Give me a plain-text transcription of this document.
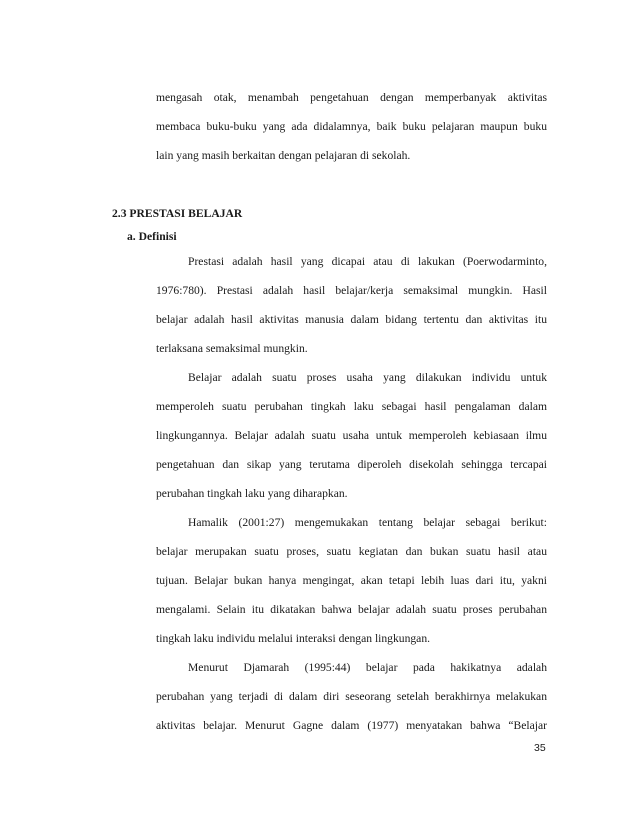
mengasah otak, menambah pengetahuan dengan memperbanyak aktivitas
membaca buku-buku yang ada didalamnya, baik buku pelajaran maupun buku
lain yang masih berkaitan dengan pelajaran di sekolah.
2.3 PRESTASI BELAJAR
a. Definisi
Prestasi adalah hasil yang dicapai atau di lakukan (Poerwodarminto,
1976:780). Prestasi adalah hasil belajar/kerja semaksimal mungkin. Hasil
belajar adalah hasil aktivitas manusia dalam bidang tertentu dan aktivitas itu
terlaksana semaksimal mungkin.
Belajar adalah suatu proses usaha yang dilakukan individu untuk
memperoleh suatu perubahan tingkah laku sebagai hasil pengalaman dalam
lingkungannya. Belajar adalah suatu usaha untuk memperoleh kebiasaan ilmu
pengetahuan dan sikap yang terutama diperoleh disekolah sehingga tercapai
perubahan tingkah laku yang diharapkan.
Hamalik (2001:27) mengemukakan tentang belajar sebagai berikut:
belajar merupakan suatu proses, suatu kegiatan dan bukan suatu hasil atau
tujuan. Belajar bukan hanya mengingat, akan tetapi lebih luas dari itu, yakni
mengalami. Selain itu dikatakan bahwa belajar adalah suatu proses perubahan
tingkah laku individu melalui interaksi dengan lingkungan.
Menurut Djamarah (1995:44) belajar pada hakikatnya adalah
perubahan yang terjadi di dalam diri seseorang setelah berakhirnya melakukan
aktivitas belajar. Menurut Gagne dalam (1977) menyatakan bahwa “Belajar
35
